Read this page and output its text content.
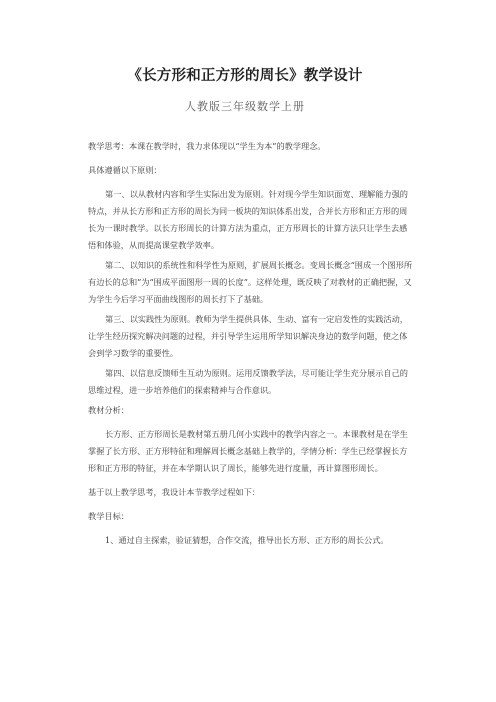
《长方形和正方形的周长》教学设计
人教版三年级数学上册

教学思考：本课在教学时，我力求体现以“学生为本”的教学理念。

具体遵循以下原则：

第一、以从教材内容和学生实际出发为原则。针对现今学生知识面宽、理解能力强的特点，并从长方形和正方形的周长为同一板块的知识体系出发，合并长方形和正方形的周长为一课时教学。以长方形周长的计算方法为重点，正方形周长的计算方法只让学生去感悟和体验，从而提高课堂教学效率。

第二、以知识的系统性和科学性为原则，扩展周长概念。变周长概念“围成一个图形所有边长的总和”为“围成平面图形一周的长度”。这样处理，既反映了对教材的正确把握，又为学生今后学习平面曲线图形的周长打下了基础。

第三、以实践性为原则。教师为学生提供具体、生动、富有一定启发性的实践活动，让学生经历探究解决问题的过程，并引导学生运用所学知识解决身边的数学问题，使之体会到学习数学的重要性。

第四、以信息反馈师生互动为原则。运用反馈教学法，尽可能让学生充分展示自己的思维过程，进一步培养他们的探索精神与合作意识。

教材分析：

长方形、正方形周长是教材第五册几何小实践中的教学内容之一。本课教材是在学生掌握了长方形、正方形特征和理解周长概念基础上教学的，学情分析：学生已经掌握长方形和正方形的特征，并在本学期认识了周长，能够先进行度量，再计算图形周长。

基于以上教学思考，我设计本节教学过程如下：

教学目标：

1、通过自主探索，验证猜想，合作交流，推导出长方形、正方形的周长公式。
